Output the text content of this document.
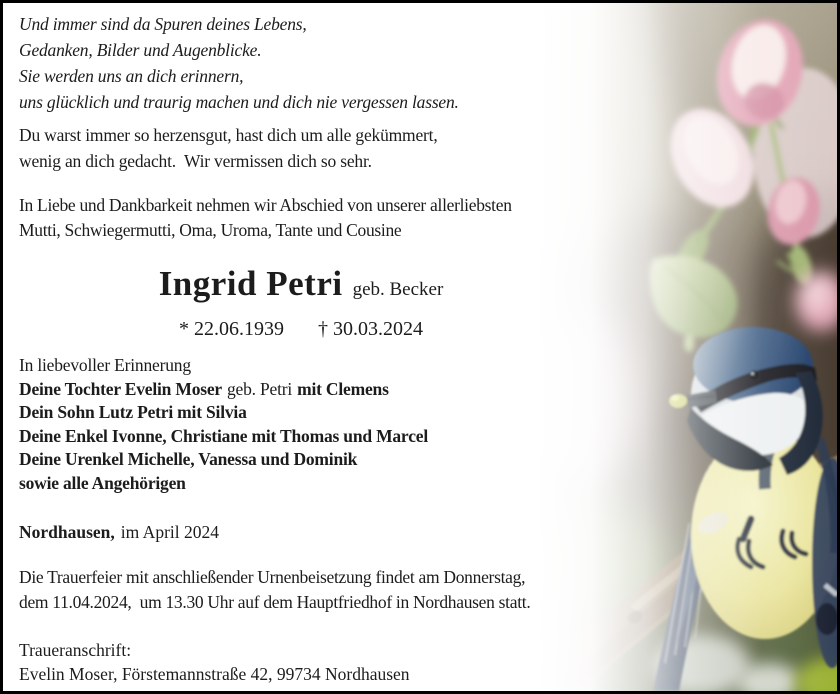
Und immer sind da Spuren deines Lebens,
Gedanken, Bilder und Augenblicke.
Sie werden uns an dich erinnern,
uns glücklich und traurig machen und dich nie vergessen lassen.
Du warst immer so herzensgut, hast dich um alle gekümmert,
wenig an dich gedacht.  Wir vermissen dich so sehr.
In Liebe und Dankbarkeit nehmen wir Abschied von unserer allerliebsten
Mutti, Schwiegermutti, Oma, Uroma, Tante und Cousine
Ingrid Petri geb. Becker
* 22.06.1939 † 30.03.2024
In liebevoller Erinnerung
Deine Tochter Evelin Moser geb. Petri mit Clemens
Dein Sohn Lutz Petri mit Silvia
Deine Enkel Ivonne, Christiane mit Thomas und Marcel
Deine Urenkel Michelle, Vanessa und Dominik
sowie alle Angehörigen
Nordhausen, im April 2024
Die Trauerfeier mit anschließender Urnenbeisetzung findet am Donnerstag,
dem 11.04.2024,  um 13.30 Uhr auf dem Hauptfriedhof in Nordhausen statt.
Traueranschrift:
Evelin Moser, Förstemannstraße 42, 99734 Nordhausen
